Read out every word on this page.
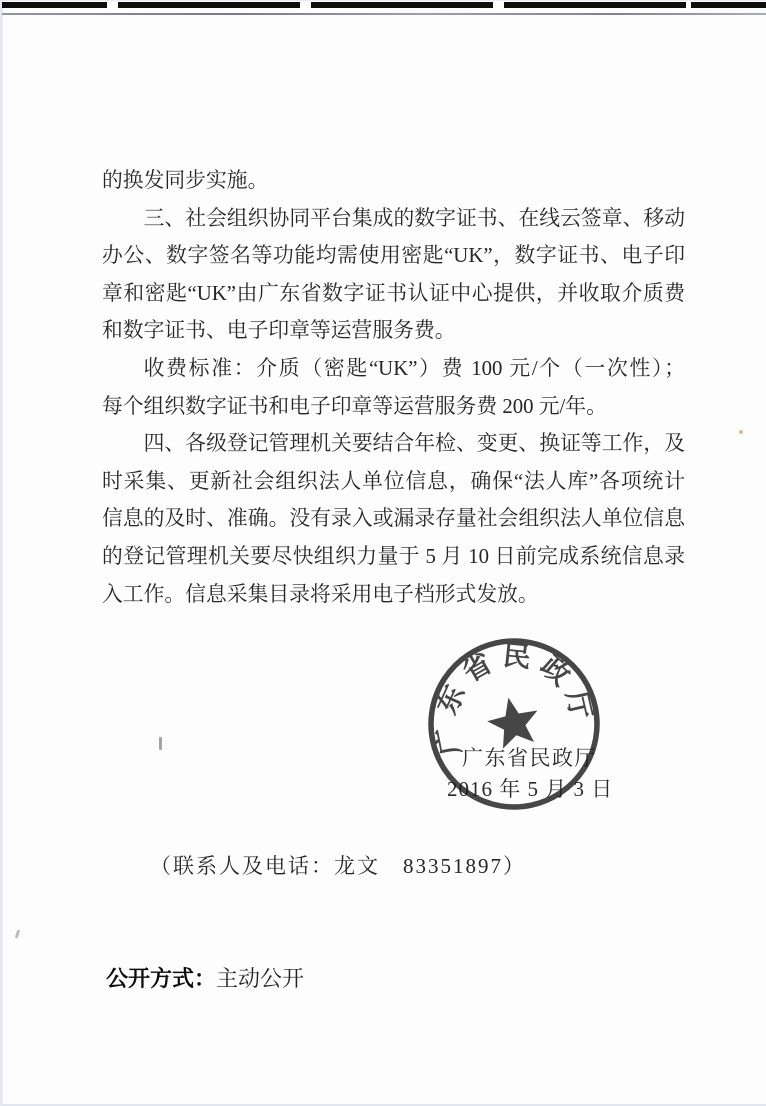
的换发同步实施。

三、社会组织协同平台集成的数字证书、在线云签章、移动

办公、数字签名等功能均需使用密匙“UK”，数字证书、电子印

章和密匙“UK”由广东省数字证书认证中心提供，并收取介质费

和数字证书、电子印章等运营服务费。

收费标准：介质（密匙“UK”）费 100 元/个（一次性）；

每个组织数字证书和电子印章等运营服务费 200 元/年。

四、各级登记管理机关要结合年检、变更、换证等工作，及

时采集、更新社会组织法人单位信息，确保“法人库”各项统计

信息的及时、准确。没有录入或漏录存量社会组织法人单位信息

的登记管理机关要尽快组织力量于 5 月 10 日前完成系统信息录

入工作。信息采集目录将采用电子档形式发放。

广东省民政厅
2016 年 5 月 3 日
广东省民政厅
（联系人及电话：龙文　83351897）
公开方式：主动公开
